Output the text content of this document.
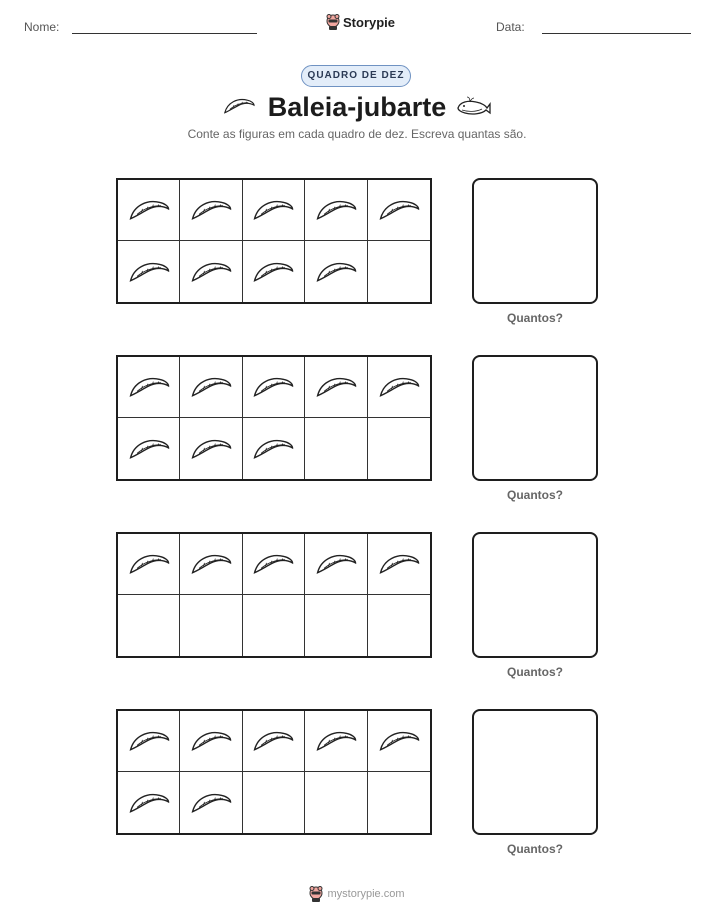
Nome:	Storypie	Data:
QUADRO DE DEZ
Baleia-jubarte
Conte as figuras em cada quadro de dez. Escreva quantas são.
Quantos?
Quantos?
Quantos?
Quantos?
mystorypie.com
